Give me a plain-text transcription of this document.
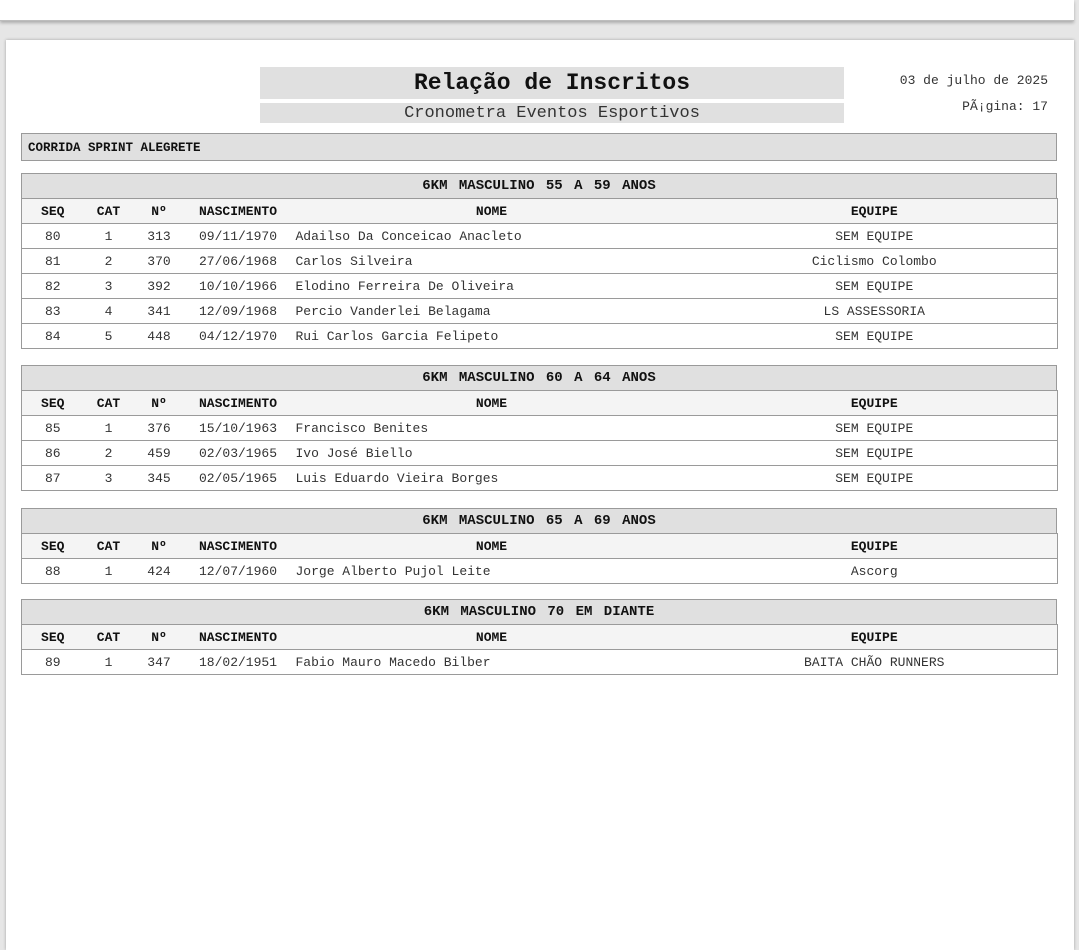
Relação de Inscritos
Cronometra Eventos Esportivos
03 de julho de 2025
PÃ¡gina: 17
CORRIDA SPRINT ALEGRETE
6KM MASCULINO 55 A 59 ANOS
SEQ	CAT	Nº	NASCIMENTO	NOME	EQUIPE
80	1	313	09/11/1970	Adailso Da Conceicao Anacleto	SEM EQUIPE
81	2	370	27/06/1968	Carlos Silveira	Ciclismo Colombo
82	3	392	10/10/1966	Elodino Ferreira De Oliveira	SEM EQUIPE
83	4	341	12/09/1968	Percio Vanderlei Belagama	LS ASSESSORIA
84	5	448	04/12/1970	Rui Carlos Garcia Felipeto	SEM EQUIPE
6KM MASCULINO 60 A 64 ANOS
SEQ	CAT	Nº	NASCIMENTO	NOME	EQUIPE
85	1	376	15/10/1963	Francisco Benites	SEM EQUIPE
86	2	459	02/03/1965	Ivo José Biello	SEM EQUIPE
87	3	345	02/05/1965	Luis Eduardo Vieira Borges	SEM EQUIPE
6KM MASCULINO 65 A 69 ANOS
SEQ	CAT	Nº	NASCIMENTO	NOME	EQUIPE
88	1	424	12/07/1960	Jorge Alberto Pujol Leite	Ascorg
6KM MASCULINO 70 EM DIANTE
SEQ	CAT	Nº	NASCIMENTO	NOME	EQUIPE
89	1	347	18/02/1951	Fabio Mauro Macedo Bilber	BAITA CHÃO RUNNERS
